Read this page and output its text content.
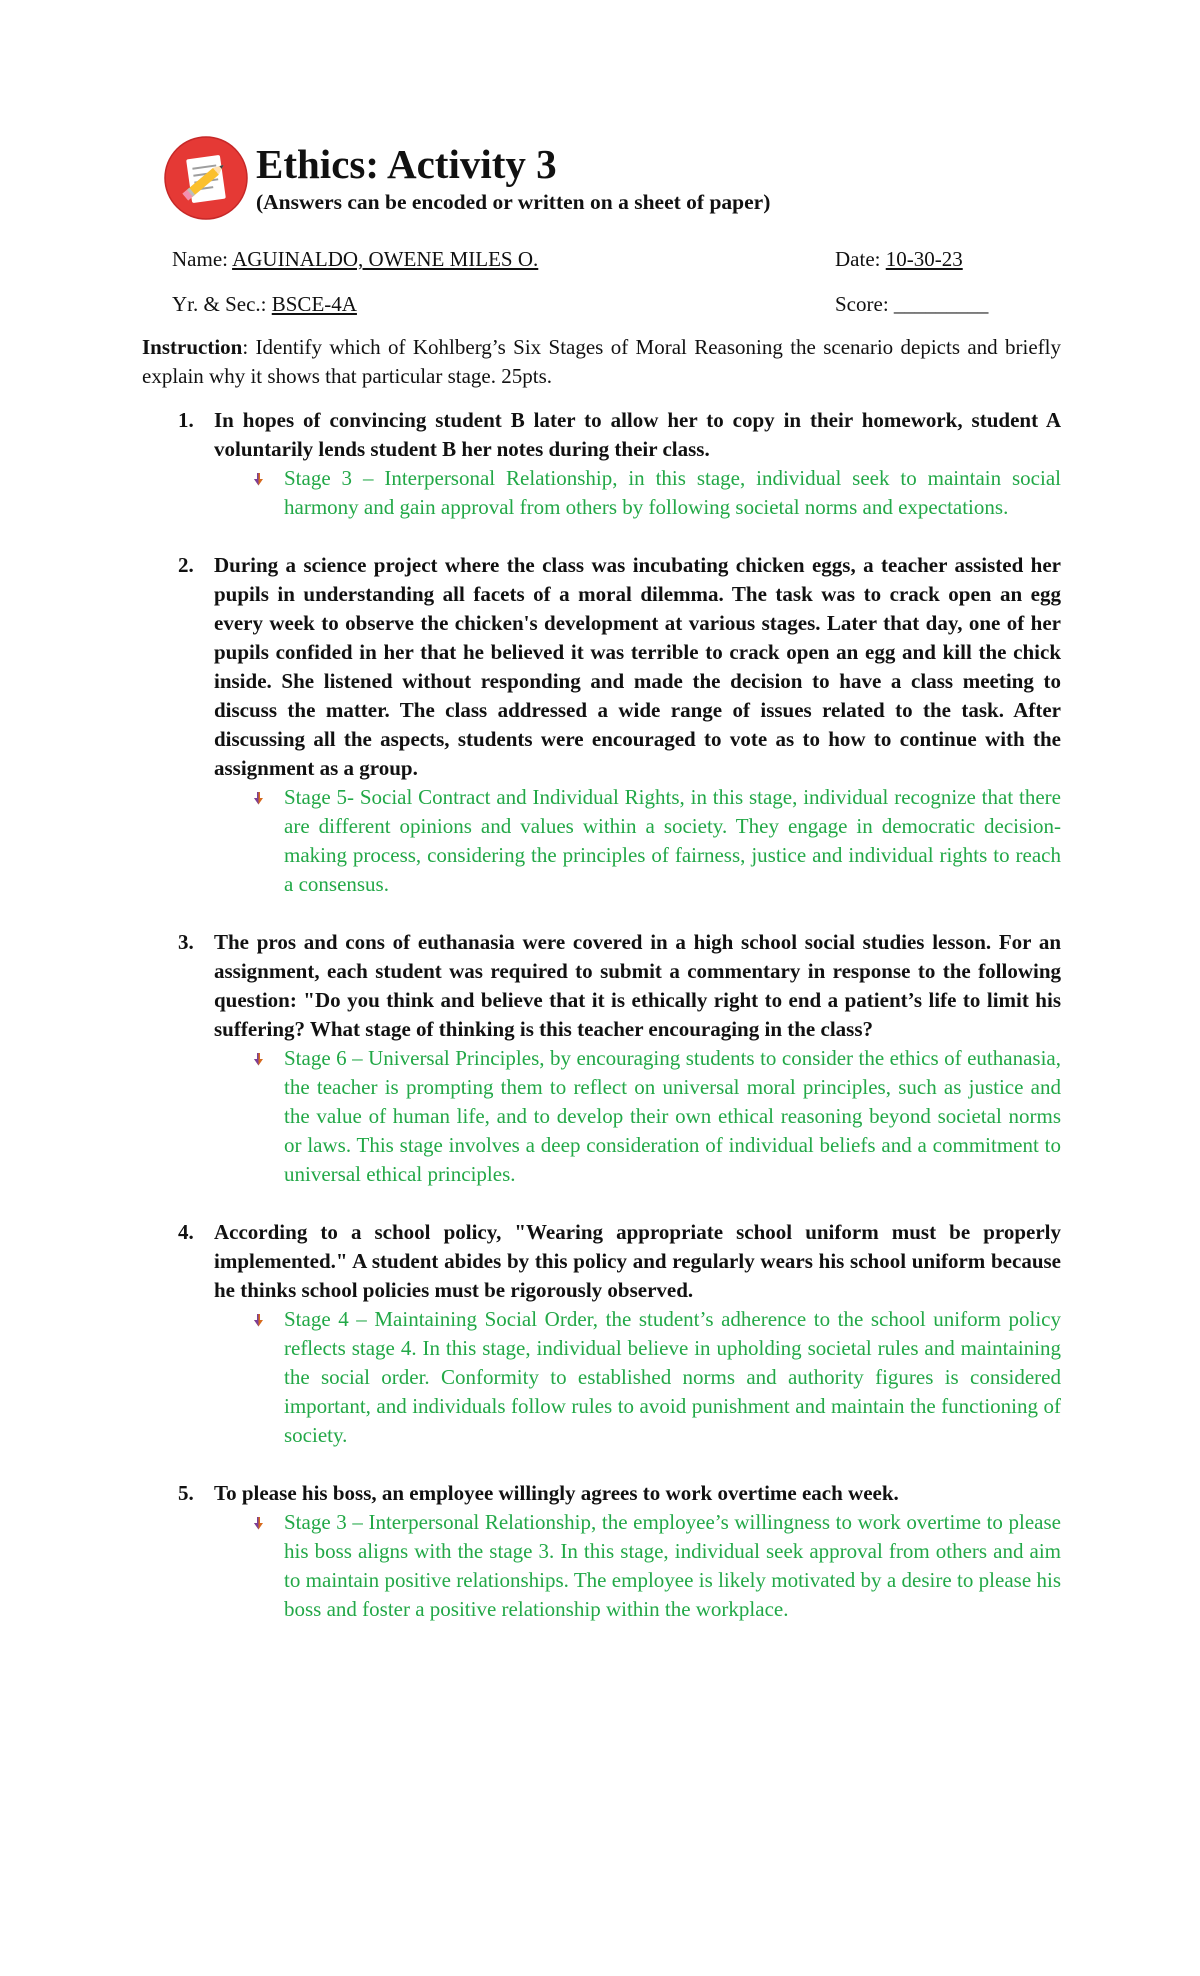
Ethics: Activity 3
(Answers can be encoded or written on a sheet of paper)
Name: AGUINALDO, OWENE MILES O.	Date: 10-30-23
Yr. & Sec.: BSCE-4A	Score: _________

Instruction: Identify which of Kohlberg’s Six Stages of Moral Reasoning the scenario depicts and briefly explain why it shows that particular stage. 25pts.

1. In hopes of convincing student B later to allow her to copy in their homework, student A voluntarily lends student B her notes during their class.

Stage 3 – Interpersonal Relationship, in this stage, individual seek to maintain social harmony and gain approval from others by following societal norms and expectations.

2. During a science project where the class was incubating chicken eggs, a teacher assisted her pupils in understanding all facets of a moral dilemma. The task was to crack open an egg every week to observe the chicken's development at various stages. Later that day, one of her pupils confided in her that he believed it was terrible to crack open an egg and kill the chick inside. She listened without responding and made the decision to have a class meeting to discuss the matter. The class addressed a wide range of issues related to the task. After discussing all the aspects, students were encouraged to vote as to how to continue with the assignment as a group.

Stage 5- Social Contract and Individual Rights, in this stage, individual recognize that there are different opinions and values within a society. They engage in democratic decision-making process, considering the principles of fairness, justice and individual rights to reach a consensus.

3. The pros and cons of euthanasia were covered in a high school social studies lesson. For an assignment, each student was required to submit a commentary in response to the following question: "Do you think and believe that it is ethically right to end a patient’s life to limit his suffering? What stage of thinking is this teacher encouraging in the class?

Stage 6 – Universal Principles, by encouraging students to consider the ethics of euthanasia, the teacher is prompting them to reflect on universal moral principles, such as justice and the value of human life, and to develop their own ethical reasoning beyond societal norms or laws. This stage involves a deep consideration of individual beliefs and a commitment to universal ethical principles.

4. According to a school policy, "Wearing appropriate school uniform must be properly implemented." A student abides by this policy and regularly wears his school uniform because he thinks school policies must be rigorously observed.

Stage 4 – Maintaining Social Order, the student’s adherence to the school uniform policy reflects stage 4. In this stage, individual believe in upholding societal rules and maintaining the social order. Conformity to established norms and authority figures is considered important, and individuals follow rules to avoid punishment and maintain the functioning of society.

5. To please his boss, an employee willingly agrees to work overtime each week.

Stage 3 – Interpersonal Relationship, the employee’s willingness to work overtime to please his boss aligns with the stage 3. In this stage, individual seek approval from others and aim to maintain positive relationships. The employee is likely motivated by a desire to please his boss and foster a positive relationship within the workplace.
